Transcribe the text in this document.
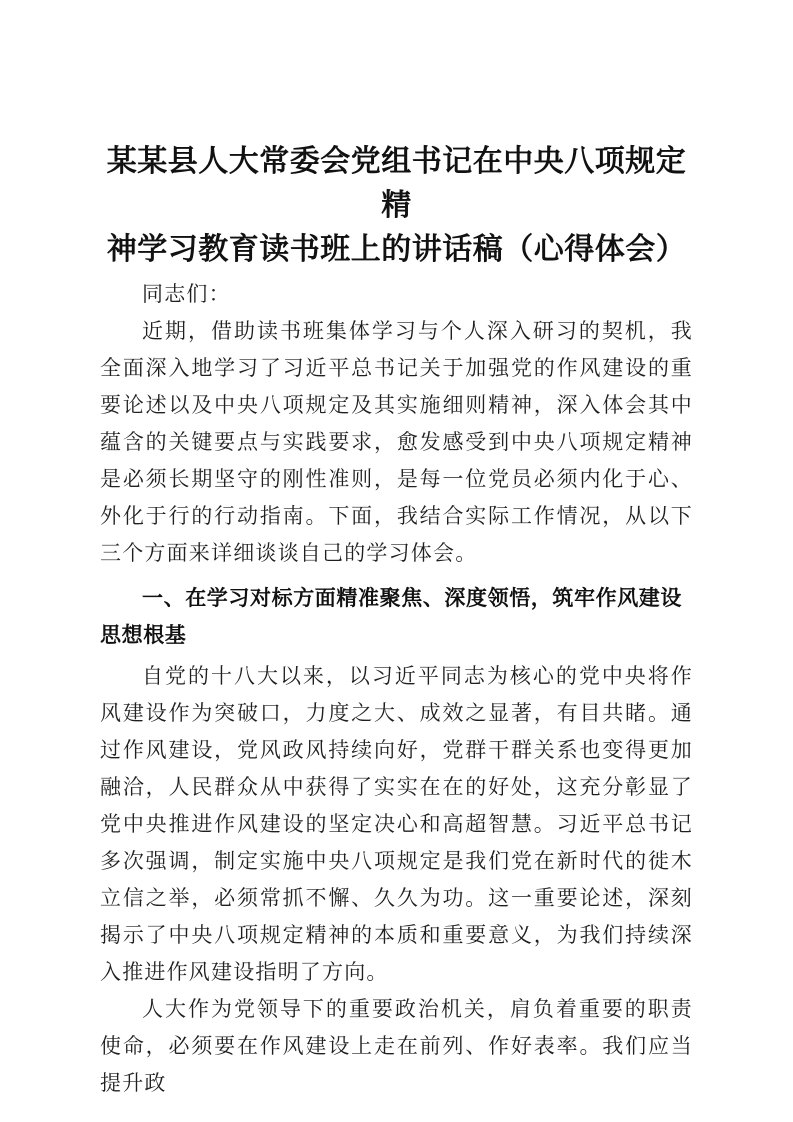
某某县人大常委会党组书记在中央八项规定精
神学习教育读书班上的讲话稿（心得体会）

同志们：

近期，借助读书班集体学习与个人深入研习的契机，我全面深入地学习了习近平总书记关于加强党的作风建设的重要论述以及中央八项规定及其实施细则精神，深入体会其中蕴含的关键要点与实践要求，愈发感受到中央八项规定精神是必须长期坚守的刚性准则，是每一位党员必须内化于心、外化于行的行动指南。下面，我结合实际工作情况，从以下三个方面来详细谈谈自己的学习体会。

一、在学习对标方面精准聚焦、深度领悟，筑牢作风建设思想根基

自党的十八大以来，以习近平同志为核心的党中央将作风建设作为突破口，力度之大、成效之显著，有目共睹。通过作风建设，党风政风持续向好，党群干群关系也变得更加融洽，人民群众从中获得了实实在在的好处，这充分彰显了党中央推进作风建设的坚定决心和高超智慧。习近平总书记多次强调，制定实施中央八项规定是我们党在新时代的徙木立信之举，必须常抓不懈、久久为功。这一重要论述，深刻揭示了中央八项规定精神的本质和重要意义，为我们持续深入推进作风建设指明了方向。

人大作为党领导下的重要政治机关，肩负着重要的职责使命，必须要在作风建设上走在前列、作好表率。我们应当提升政
